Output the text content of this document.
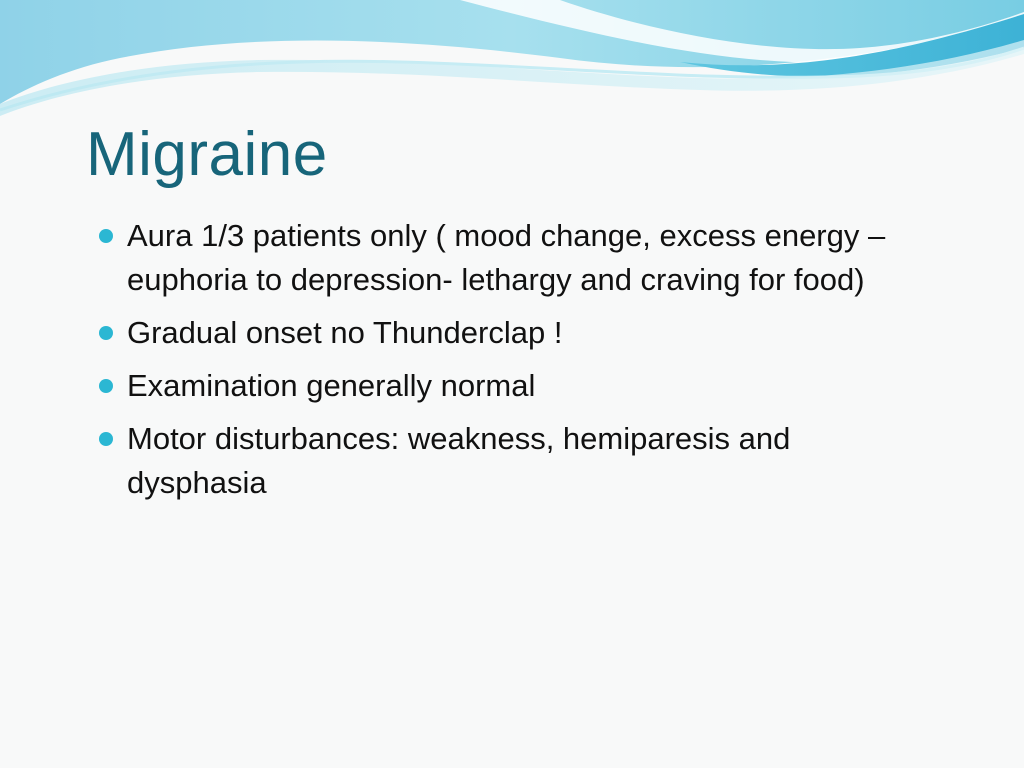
Migraine
Aura 1/3 patients only ( mood change, excess energy –euphoria to depression- lethargy and craving for food)
Gradual onset no Thunderclap !
Examination generally normal
Motor disturbances: weakness, hemiparesis and dysphasia
